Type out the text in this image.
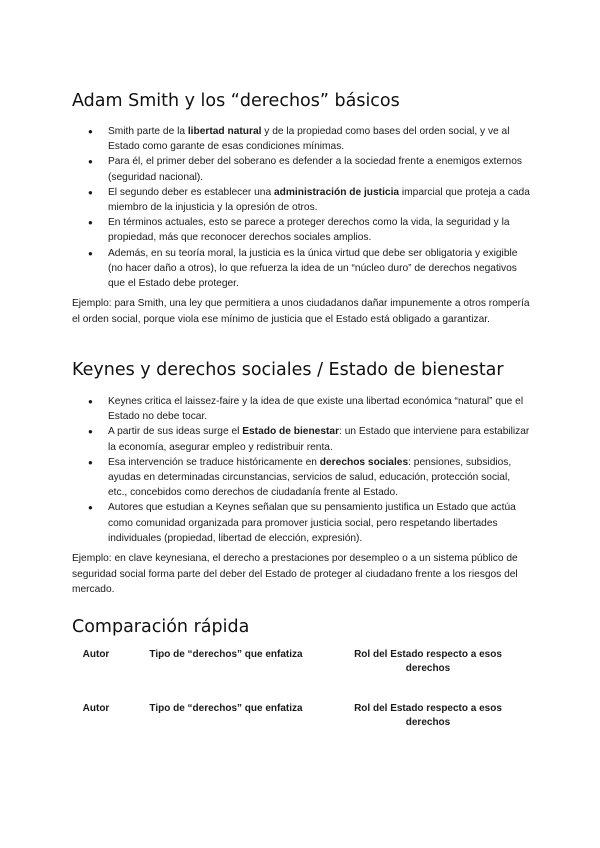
Adam Smith y los “derechos” básicos
● Smith parte de la libertad natural y de la propiedad como bases del orden social, y ve al Estado como garante de esas condiciones mínimas.
● Para él, el primer deber del soberano es defender a la sociedad frente a enemigos externos (seguridad nacional).
● El segundo deber es establecer una administración de justicia imparcial que proteja a cada miembro de la injusticia y la opresión de otros.
● En términos actuales, esto se parece a proteger derechos como la vida, la seguridad y la propiedad, más que reconocer derechos sociales amplios.
● Además, en su teoría moral, la justicia es la única virtud que debe ser obligatoria y exigible (no hacer daño a otros), lo que refuerza la idea de un “núcleo duro” de derechos negativos que el Estado debe proteger.

Ejemplo: para Smith, una ley que permitiera a unos ciudadanos dañar impunemente a otros rompería el orden social, porque viola ese mínimo de justicia que el Estado está obligado a garantizar.

Keynes y derechos sociales / Estado de bienestar
● Keynes critica el laissez-faire y la idea de que existe una libertad económica “natural” que el Estado no debe tocar.
● A partir de sus ideas surge el Estado de bienestar: un Estado que interviene para estabilizar la economía, asegurar empleo y redistribuir renta.
● Esa intervención se traduce históricamente en derechos sociales: pensiones, subsidios, ayudas en determinadas circunstancias, servicios de salud, educación, protección social, etc., concebidos como derechos de ciudadanía frente al Estado.
● Autores que estudian a Keynes señalan que su pensamiento justifica un Estado que actúa como comunidad organizada para promover justicia social, pero respetando libertades individuales (propiedad, libertad de elección, expresión).

Ejemplo: en clave keynesiana, el derecho a prestaciones por desempleo o a un sistema público de seguridad social forma parte del deber del Estado de proteger al ciudadano frente a los riesgos del mercado.

Comparación rápida
Autor	Tipo de “derechos” que enfatiza	Rol del Estado respecto a esos derechos
Autor	Tipo de “derechos” que enfatiza	Rol del Estado respecto a esos derechos
